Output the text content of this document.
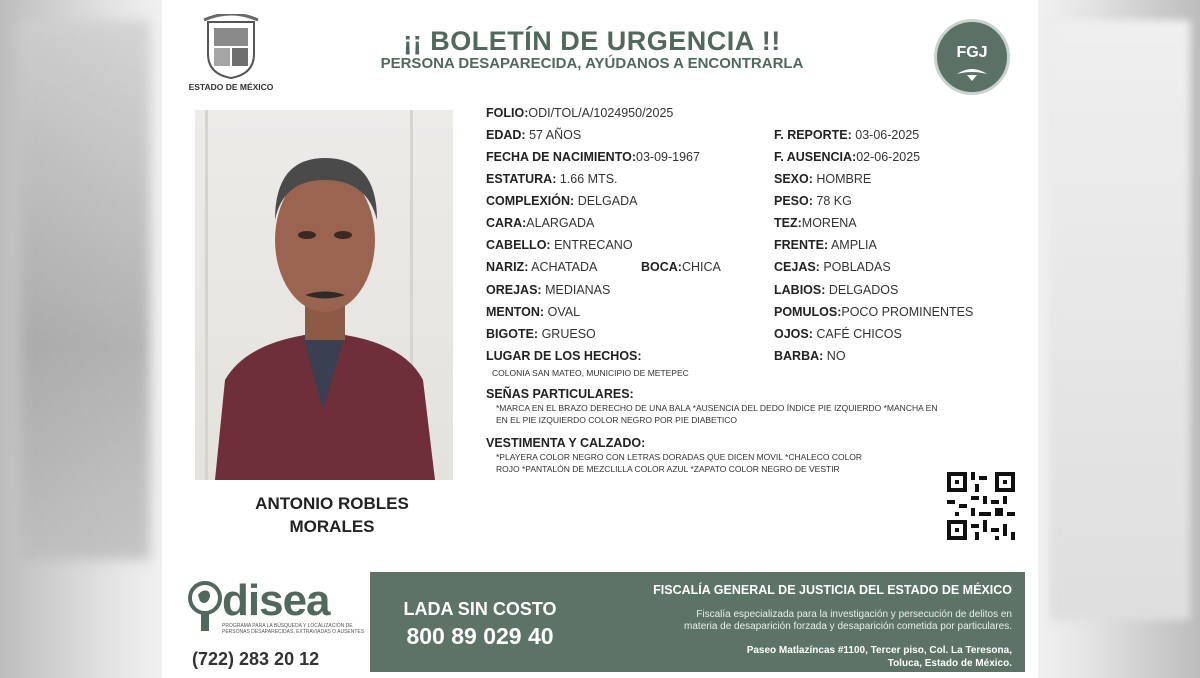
ESTADO DE MÉXICO
¡¡ BOLETÍN DE URGENCIA !!
PERSONA DESAPARECIDA, AYÚDANOS A ENCONTRARLA
FGJ
ANTONIO ROBLES
MORALES
FOLIO:ODI/TOL/A/1024950/2025
EDAD: 57 AÑOS
FECHA DE NACIMIENTO:03-09-1967
ESTATURA: 1.66 MTS.
COMPLEXIÓN: DELGADA
CARA:ALARGADA
CABELLO: ENTRECANO
NARIZ: ACHATADA	BOCA:CHICA
OREJAS: MEDIANAS
MENTON: OVAL
BIGOTE: GRUESO
LUGAR DE LOS HECHOS:
COLONIA SAN MATEO, MUNICIPIO DE METEPEC
F. REPORTE: 03-06-2025
F. AUSENCIA:02-06-2025
SEXO: HOMBRE
PESO: 78 KG
TEZ:MORENA
FRENTE: AMPLIA
CEJAS: POBLADAS
LABIOS: DELGADOS
POMULOS:POCO PROMINENTES
OJOS: CAFÉ CHICOS
BARBA: NO
SEÑAS PARTICULARES:
*MARCA EN EL BRAZO DERECHO DE UNA BALA *AUSENCIA DEL DEDO ÍNDICE PIE IZQUIERDO *MANCHA EN
EN EL PIE IZQUIERDO COLOR NEGRO POR PIE DIABETICO
VESTIMENTA Y CALZADO:
*PLAYERA COLOR NEGRO CON LETRAS DORADAS QUE DICEN MOVIL *CHALECO COLOR
ROJO *PANTALÓN DE MEZCLILLA COLOR AZUL *ZAPATO COLOR NEGRO DE VESTIR
disea
PROGRAMA PARA LA BÚSQUEDA Y LOCALIZACIÓN DE PERSONAS DESAPARECIDAS, EXTRAVIADAS O AUSENTES
(722) 283 20 12
LADA SIN COSTO
800 89 029 40
FISCALÍA GENERAL DE JUSTICIA DEL ESTADO DE MÉXICO
Fiscalía especializada para la investigación y persecución de delitos en
materia de desaparición forzada y desaparición cometida por particulares.
Paseo Matlazíncas #1100, Tercer piso, Col. La Teresona,
Toluca, Estado de México.
